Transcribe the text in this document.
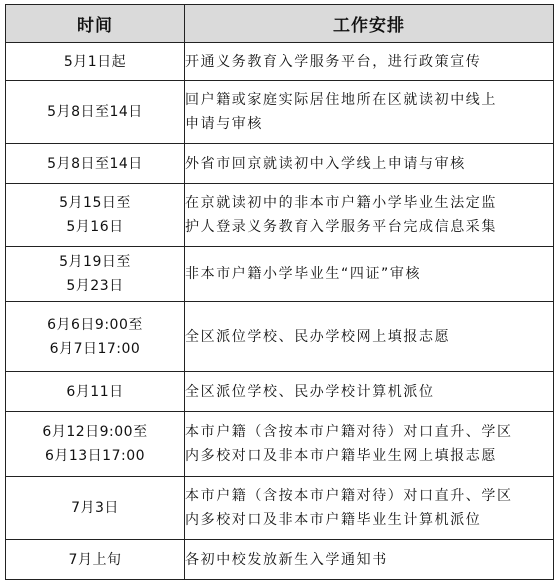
时间	工作安排

5月1日起	开通义务教育入学服务平台，进行政策宣传

5月8日至14日	回户籍或家庭实际居住地所在区就读初中线上
申请与审核

5月8日至14日	外省市回京就读初中入学线上申请与审核

5月15日至
5月16日	在京就读初中的非本市户籍小学毕业生法定监
护人登录义务教育入学服务平台完成信息采集

5月19日至
5月23日	非本市户籍小学毕业生“四证”审核

6月6日9:00至
6月7日17:00	全区派位学校、民办学校网上填报志愿

6月11日	全区派位学校、民办学校计算机派位

6月12日9:00至
6月13日17:00	本市户籍（含按本市户籍对待）对口直升、学区
内多校对口及非本市户籍毕业生网上填报志愿

7月3日	本市户籍（含按本市户籍对待）对口直升、学区
内多校对口及非本市户籍毕业生计算机派位

7月上旬	各初中校发放新生入学通知书
